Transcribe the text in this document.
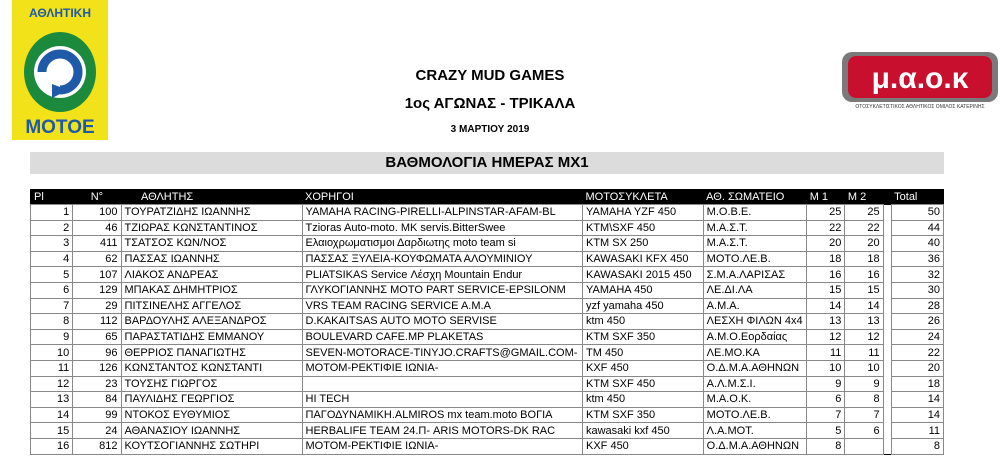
ΑΘΛΗΤΙΚΗ
MOTOE
μ.α.ο.κ
ΟΤΟΣΥΚΛΕΤΙΣΤΙΚΟΣ ΑΘΛΗΤΙΚΟΣ ΟΜΙΛΟΣ ΚΑΤΕΡΙΝΗΣ
CRAZY MUD GAMES
1ος ΑΓΩΝΑΣ - ΤΡΙΚΑΛΑ
3 ΜΑΡΤΙΟΥ 2019
ΒΑΘΜΟΛΟΓΙΑ ΗΜΕΡΑΣ MX1
Pl	N°	ΑΘΛΗΤΗΣ	ΧΟΡΗΓΟΙ	ΜΟΤΟΣΥΚΛΕΤΑ	ΑΘ. ΣΩΜΑΤΕΙΟ	Μ 1	Μ 2		Total
1	100	ΤΟΥΡΑΤΖΙΔΗΣ ΙΩΑΝΝΗΣ	YAMAHA RACING-PIRELLI-ALPINSTAR-AFAM-BL	YAMAHA YZF 450	Μ.Ο.Β.Ε.	25	25		50
2	46	ΤΖΙΩΡΑΣ ΚΩΝΣΤΑΝΤΙΝΟΣ	Tzioras Auto-moto. MK servis.BitterSwee	KTM\SXF 450	Μ.Α.Σ.Τ.	22	22		44
3	411	ΤΣΑΤΣΟΣ ΚΩΝ/ΝΟΣ	Ελαιοχρωματισμοι Δαρδιωτης moto team si	KTM SX 250	Μ.Α.Σ.Τ.	20	20		40
4	62	ΠΑΣΣΑΣ ΙΩΑΝΝΗΣ	ΠΑΣΣΑΣ ΞΥΛΕΙΑ-ΚΟΥΦΩΜΑΤΑ ΑΛΟΥΜΙΝΙΟΥ	KAWASAKI KFX 450	ΜΟΤΟ.ΛΕ.Β.	18	18		36
5	107	ΛΙΑΚΟΣ ΑΝΔΡΕΑΣ	PLIATSIKAS Service Λέσχη Mountain Endur	KAWASAKI 2015 450	Σ.Μ.Α.ΛΑΡΙΣΑΣ	16	16		32
6	129	ΜΠΑΚΑΣ ΔΗΜΗΤΡΙΟΣ	ΓΛΥΚΟΓΙΑΝΝΗΣ MOTO PART SERVICE-EPSILONM	YAMAHA 450	ΛΕ.ΔΙ.ΛΑ	15	15		30
7	29	ΠΙΤΣΙΝΕΛΗΣ ΑΓΓΕΛΟΣ	VRS TEAM RACING SERVICE A.M.A	yzf yamaha 450	Α.Μ.Α.	14	14		28
8	112	ΒΑΡΔΟΥΛΗΣ ΑΛΕΞΑΝΔΡΟΣ	D.KAKAITSAS AUTO MOTO SERVISE	ktm 450	ΛΕΣΧΗ ΦΙΛΩΝ 4x4	13	13		26
9	65	ΠΑΡΑΣΤΑΤΙΔΗΣ ΕΜΜΑΝΟΥ	BOULEVARD CAFE.MP PLAKETAS	KTM SXF 350	Α.Μ.Ο.Εορδαίας	12	12		24
10	96	ΘΕΡΡΙΟΣ ΠΑΝΑΓΙΩΤΗΣ	SEVEN-MOTORACE-TINYJO.CRAFTS@GMAIL.COM-	TM 450	ΛΕ.ΜΟ.ΚΑ	11	11		22
11	126	ΚΩΝΣΤΑΝΤΟΣ ΚΩΝΣΤΑΝΤΙ	ΜΟΤΟΜ-ΡΕΚΤΙΦΙΕ ΙΩΝΙΑ-	KXF 450	Ο.Δ.Μ.Α.ΑΘΗΝΩΝ	10	10		20
12	23	ΤΟΥΣΗΣ ΓΙΩΡΓΟΣ		KTM SXF 450	Α.Λ.Μ.Σ.Ι.	9	9		18
13	84	ΠΑΥΛΙΔΗΣ ΓΕΩΡΓΙΟΣ	HI TECH	ktm 450	Μ.Α.Ο.Κ.	6	8		14
14	99	ΝΤΟΚΟΣ ΕΥΘΥΜΙΟΣ	ΠΑΓΟΔΥΝΑΜΙΚΗ.ALMIROS mx team.moto ΒΟΓΙΑ	KTM SXF 350	ΜΟΤΟ.ΛΕ.Β.	7	7		14
15	24	ΑΘΑΝΑΣΙΟΥ ΙΩΑΝΝΗΣ	HERBALIFE TEAM 24.Π- ARIS MOTORS-DK RAC	kawasaki kxf 450	Λ.Α.ΜΟΤ.	5	6		11
16	812	ΚΟΥΤΣΟΓΙΑΝΝΗΣ ΣΩΤΗΡΙ	ΜΟΤΟΜ-ΡΕΚΤΙΦΙΕ ΙΩΝΙΑ-	KXF 450	Ο.Δ.Μ.Α.ΑΘΗΝΩΝ	8			8
